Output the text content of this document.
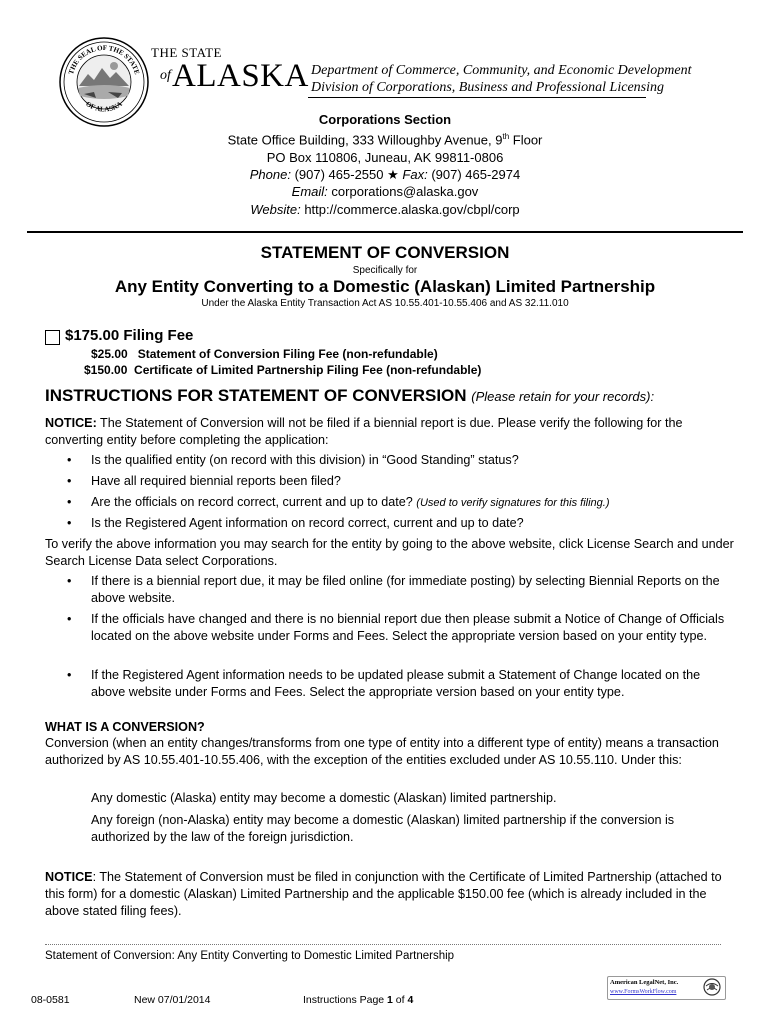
THE SEAL OF THE STATE
OF ALASKA
THE STATE
of ALASKA Department of Commerce, Community, and Economic Development
Division of Corporations, Business and Professional Licensing
Corporations Section
State Office Building, 333 Willoughby Avenue, 9th Floor
PO Box 110806, Juneau, AK 99811-0806
Phone: (907) 465-2550 ★ Fax: (907) 465-2974
Email: corporations@alaska.gov
Website: http://commerce.alaska.gov/cbpl/corp
STATEMENT OF CONVERSION
Specifically for
Any Entity Converting to a Domestic (Alaskan) Limited Partnership
Under the Alaska Entity Transaction Act AS 10.55.401-10.55.406 and AS 32.11.010
$175.00 Filing Fee
$25.00   Statement of Conversion Filing Fee (non-refundable)
$150.00  Certificate of Limited Partnership Filing Fee (non-refundable)
INSTRUCTIONS FOR STATEMENT OF CONVERSION (Please retain for your records):
NOTICE: The Statement of Conversion will not be filed if a biennial report is due. Please verify the following for the converting entity before completing the application:
• Is the qualified entity (on record with this division) in “Good Standing” status?
• Have all required biennial reports been filed?
• Are the officials on record correct, current and up to date? (Used to verify signatures for this filing.)
• Is the Registered Agent information on record correct, current and up to date?
To verify the above information you may search for the entity by going to the above website, click License Search and under Search License Data select Corporations.
• If there is a biennial report due, it may be filed online (for immediate posting) by selecting Biennial Reports on the above website.
• If the officials have changed and there is no biennial report due then please submit a Notice of Change of Officials located on the above website under Forms and Fees. Select the appropriate version based on your entity type.
• If the Registered Agent information needs to be updated please submit a Statement of Change located on the above website under Forms and Fees. Select the appropriate version based on your entity type.
WHAT IS A CONVERSION?
Conversion (when an entity changes/transforms from one type of entity into a different type of entity) means a transaction authorized by AS 10.55.401-10.55.406, with the exception of the entities excluded under AS 10.55.110. Under this:
Any domestic (Alaska) entity may become a domestic (Alaskan) limited partnership.
Any foreign (non-Alaska) entity may become a domestic (Alaskan) limited partnership if the conversion is authorized by the law of the foreign jurisdiction.
NOTICE: The Statement of Conversion must be filed in conjunction with the Certificate of Limited Partnership (attached to this form) for a domestic (Alaskan) Limited Partnership and the applicable $150.00 fee (which is already included in the above stated filing fees).
Statement of Conversion: Any Entity Converting to Domestic Limited Partnership
08-0581	New 07/01/2014	Instructions Page 1 of 4
American LegalNet, Inc.
www.FormsWorkFlow.com
